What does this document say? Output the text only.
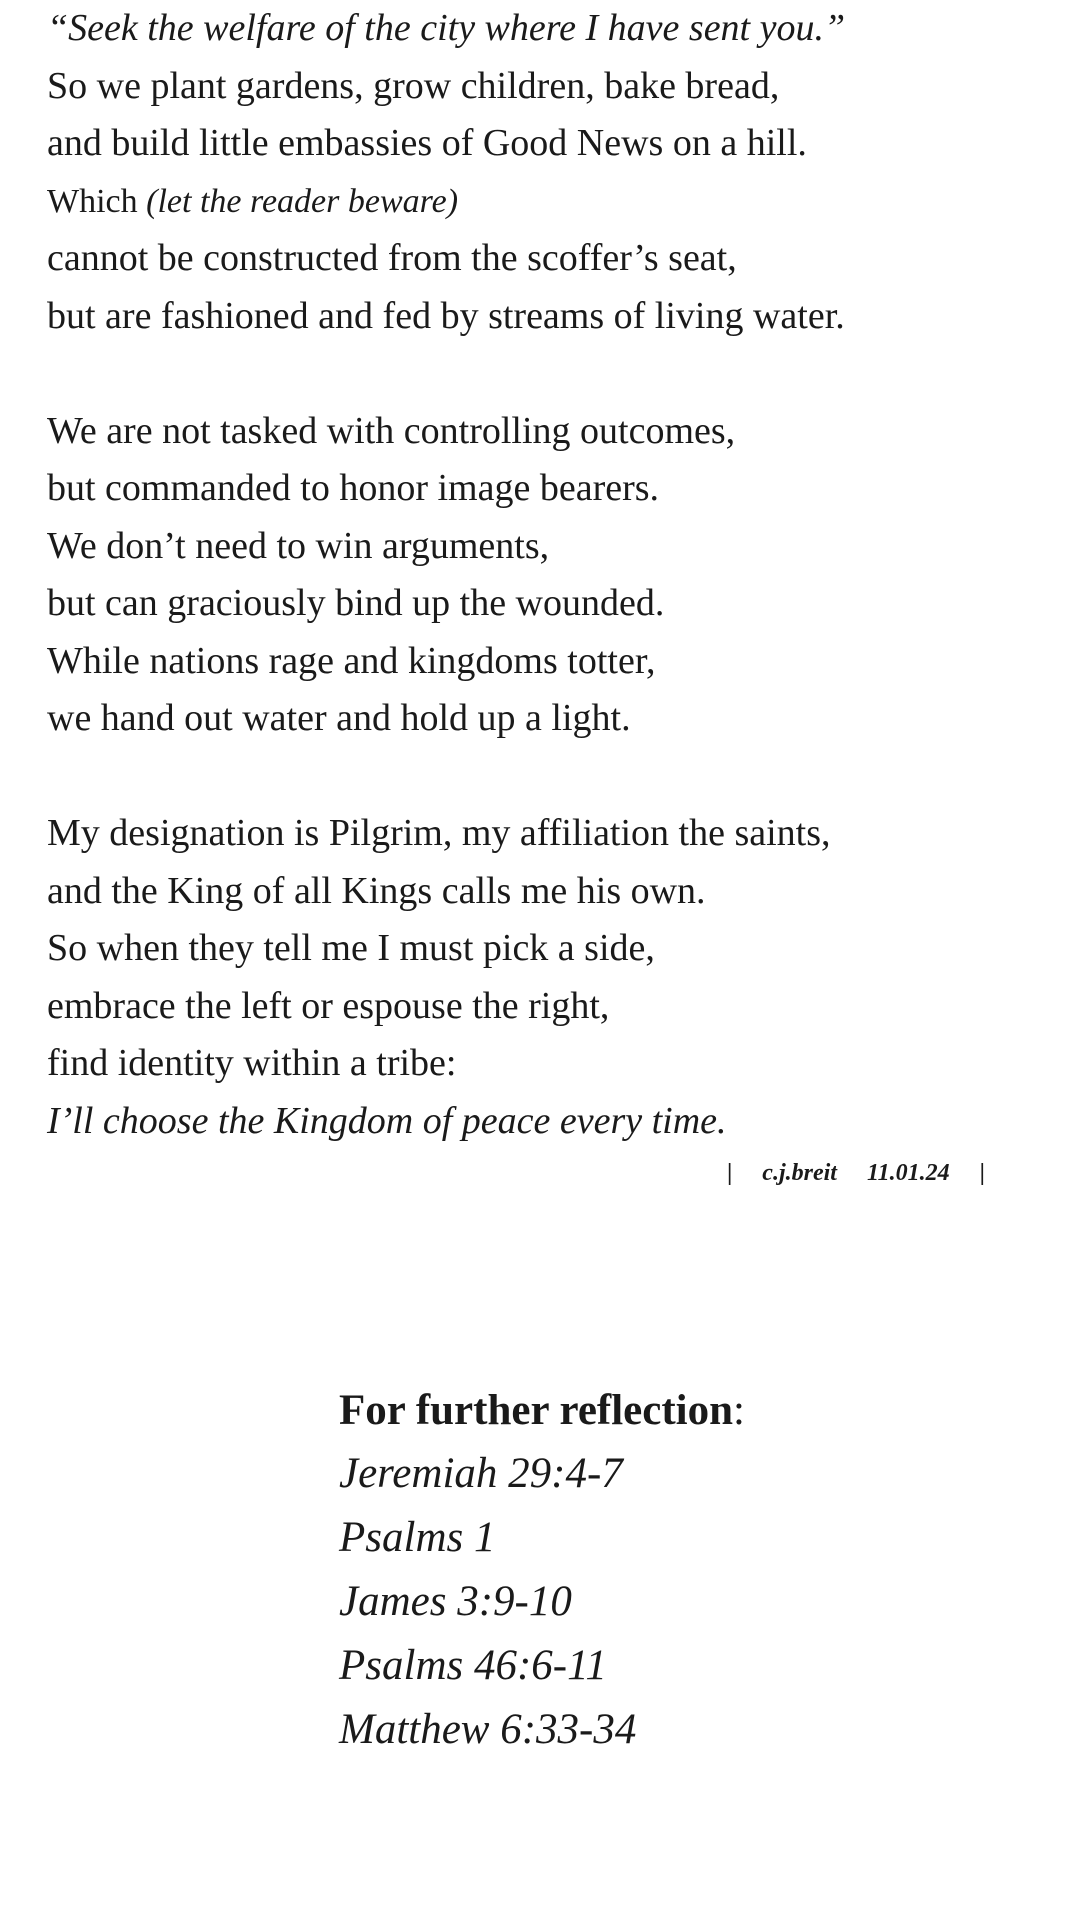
“Seek the welfare of the city where I have sent you.”
So we plant gardens, grow children, bake bread,
and build little embassies of Good News on a hill.
Which (let the reader beware)
cannot be constructed from the scoffer’s seat,
but are fashioned and fed by streams of living water.
We are not tasked with controlling outcomes,
but commanded to honor image bearers.
We don’t need to win arguments,
but can graciously bind up the wounded.
While nations rage and kingdoms totter,
we hand out water and hold up a light.
My designation is Pilgrim, my affiliation the saints,
and the King of all Kings calls me his own.
So when they tell me I must pick a side,
embrace the left or espouse the right,
find identity within a tribe:
I’ll choose the Kingdom of peace every time.
| c.j.breit 11.01.24 |
For further reflection:
Jeremiah 29:4-7
Psalms 1
James 3:9-10
Psalms 46:6-11
Matthew 6:33-34
